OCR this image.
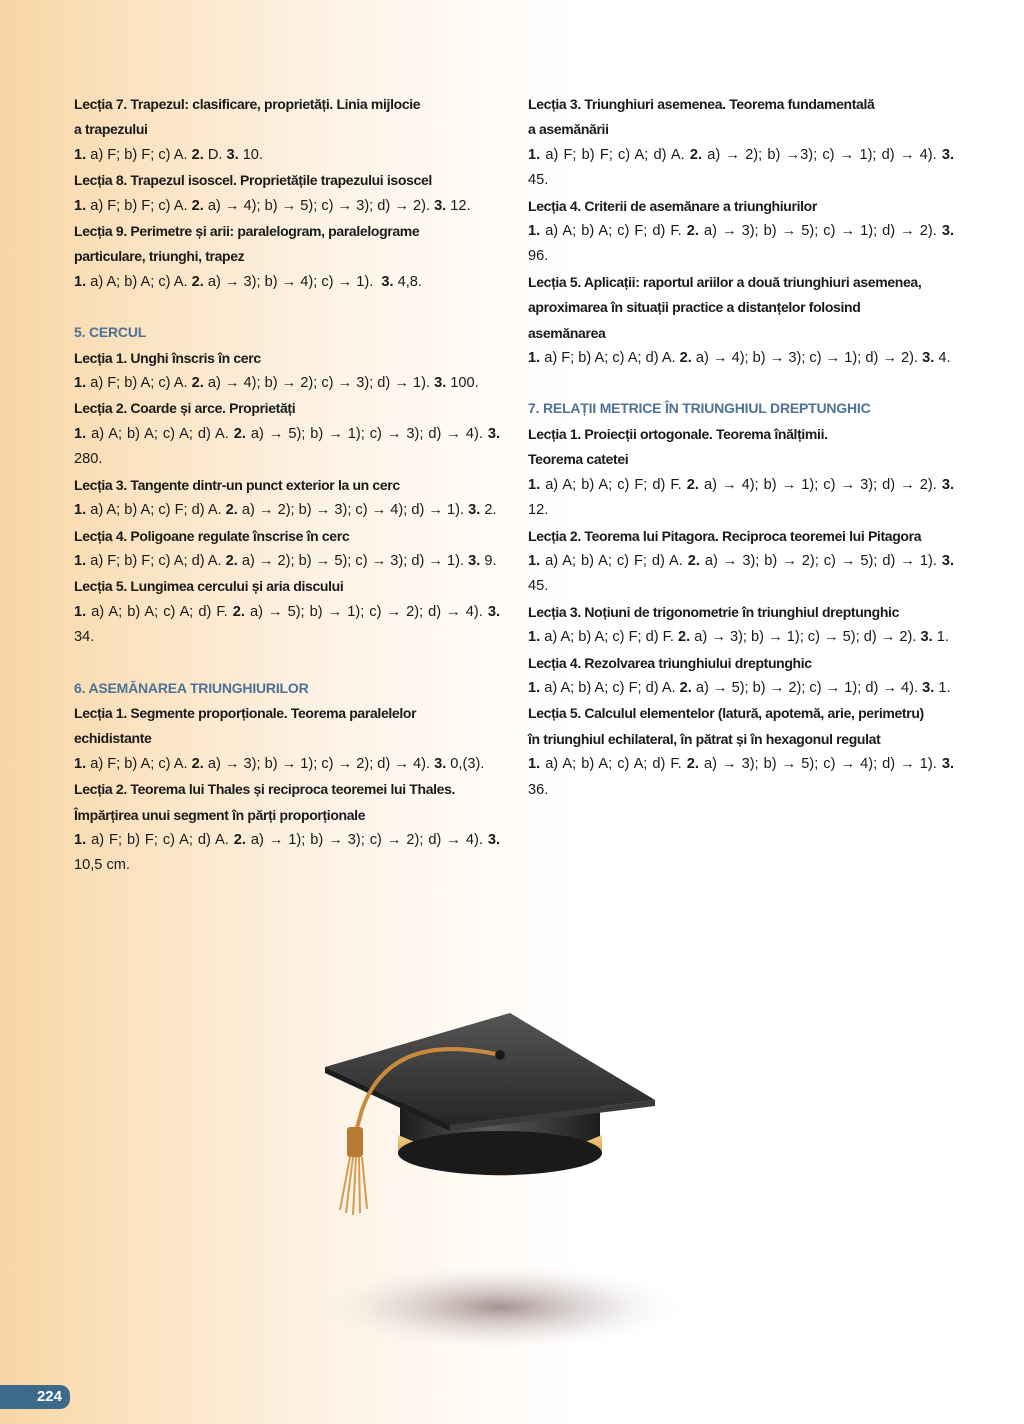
Lecția 7. Trapezul: clasificare, proprietăți. Linia mijlocie
a trapezului
1. a) F; b) F; c) A. 2. D. 3. 10.
Lecția 8. Trapezul isoscel. Proprietățile trapezului isoscel
1. a) F; b) F; c) A. 2. a) → 4); b) → 5); c) → 3); d) → 2). 3. 12.
Lecția 9. Perimetre și arii: paralelogram, paralelograme
particulare, triunghi, trapez
1. a) A; b) A; c) A. 2. a) → 3); b) → 4); c) → 1).  3. 4,8.
5. CERCUL
Lecția 1. Unghi înscris în cerc
1. a) F; b) A; c) A. 2. a) → 4); b) → 2); c) → 3); d) → 1). 3. 100.
Lecția 2. Coarde și arce. Proprietăți
1. a) A; b) A; c) A; d) A. 2. a) → 5); b) → 1); c) → 3); d) → 4). 3. 280.
Lecția 3. Tangente dintr-un punct exterior la un cerc
1. a) A; b) A; c) F; d) A. 2. a) → 2); b) → 3); c) → 4); d) → 1). 3. 2.
Lecția 4. Poligoane regulate înscrise în cerc
1. a) F; b) F; c) A; d) A. 2. a) → 2); b) → 5); c) → 3); d) → 1). 3. 9.
Lecția 5. Lungimea cercului și aria discului
1. a) A; b) A; c) A; d) F. 2. a) → 5); b) → 1); c) → 2); d) → 4). 3. 34.
6. ASEMĂNAREA TRIUNGHIURILOR
Lecția 1. Segmente proporționale. Teorema paralelelor
echidistante
1. a) F; b) A; c) A. 2. a) → 3); b) → 1); c) → 2); d) → 4). 3. 0,(3).
Lecția 2. Teorema lui Thales și reciproca teoremei lui Thales.
Împărțirea unui segment în părți proporționale
1. a) F; b) F; c) A; d) A. 2. a) → 1); b) → 3); c) → 2); d) → 4). 3. 10,5 cm.
Lecția 3. Triunghiuri asemenea. Teorema fundamentală
a asemănării
1. a) F; b) F; c) A; d) A. 2. a) → 2); b) →3); c) → 1); d) → 4). 3. 45.
Lecția 4. Criterii de asemănare a triunghiurilor
1. a) A; b) A; c) F; d) F. 2. a) → 3); b) → 5); c) → 1); d) → 2). 3. 96.
Lecția 5. Aplicații: raportul ariilor a două triunghiuri asemenea,
aproximarea în situații practice a distanțelor folosind
asemănarea
1. a) F; b) A; c) A; d) A. 2. a) → 4); b) → 3); c) → 1); d) → 2). 3. 4.
7. RELAȚII METRICE ÎN TRIUNGHIUL DREPTUNGHIC
Lecția 1. Proiecții ortogonale. Teorema înălțimii.
Teorema catetei
1. a) A; b) A; c) F; d) F. 2. a) → 4); b) → 1); c) → 3); d) → 2). 3. 12.
Lecția 2. Teorema lui Pitagora. Reciproca teoremei lui Pitagora
1. a) A; b) A; c) F; d) A. 2. a) → 3); b) → 2); c) → 5); d) → 1). 3. 45.
Lecția 3. Noțiuni de trigonometrie în triunghiul dreptunghic
1. a) A; b) A; c) F; d) F. 2. a) → 3); b) → 1); c) → 5); d) → 2). 3. 1.
Lecția 4. Rezolvarea triunghiului dreptunghic
1. a) A; b) A; c) F; d) A. 2. a) → 5); b) → 2); c) → 1); d) → 4). 3. 1.
Lecția 5. Calculul elementelor (latură, apotemă, arie, perimetru)
în triunghiul echilateral, în pătrat și în hexagonul regulat
1. a) A; b) A; c) A; d) F. 2. a) → 3); b) → 5); c) → 4); d) → 1). 3. 36.
224
